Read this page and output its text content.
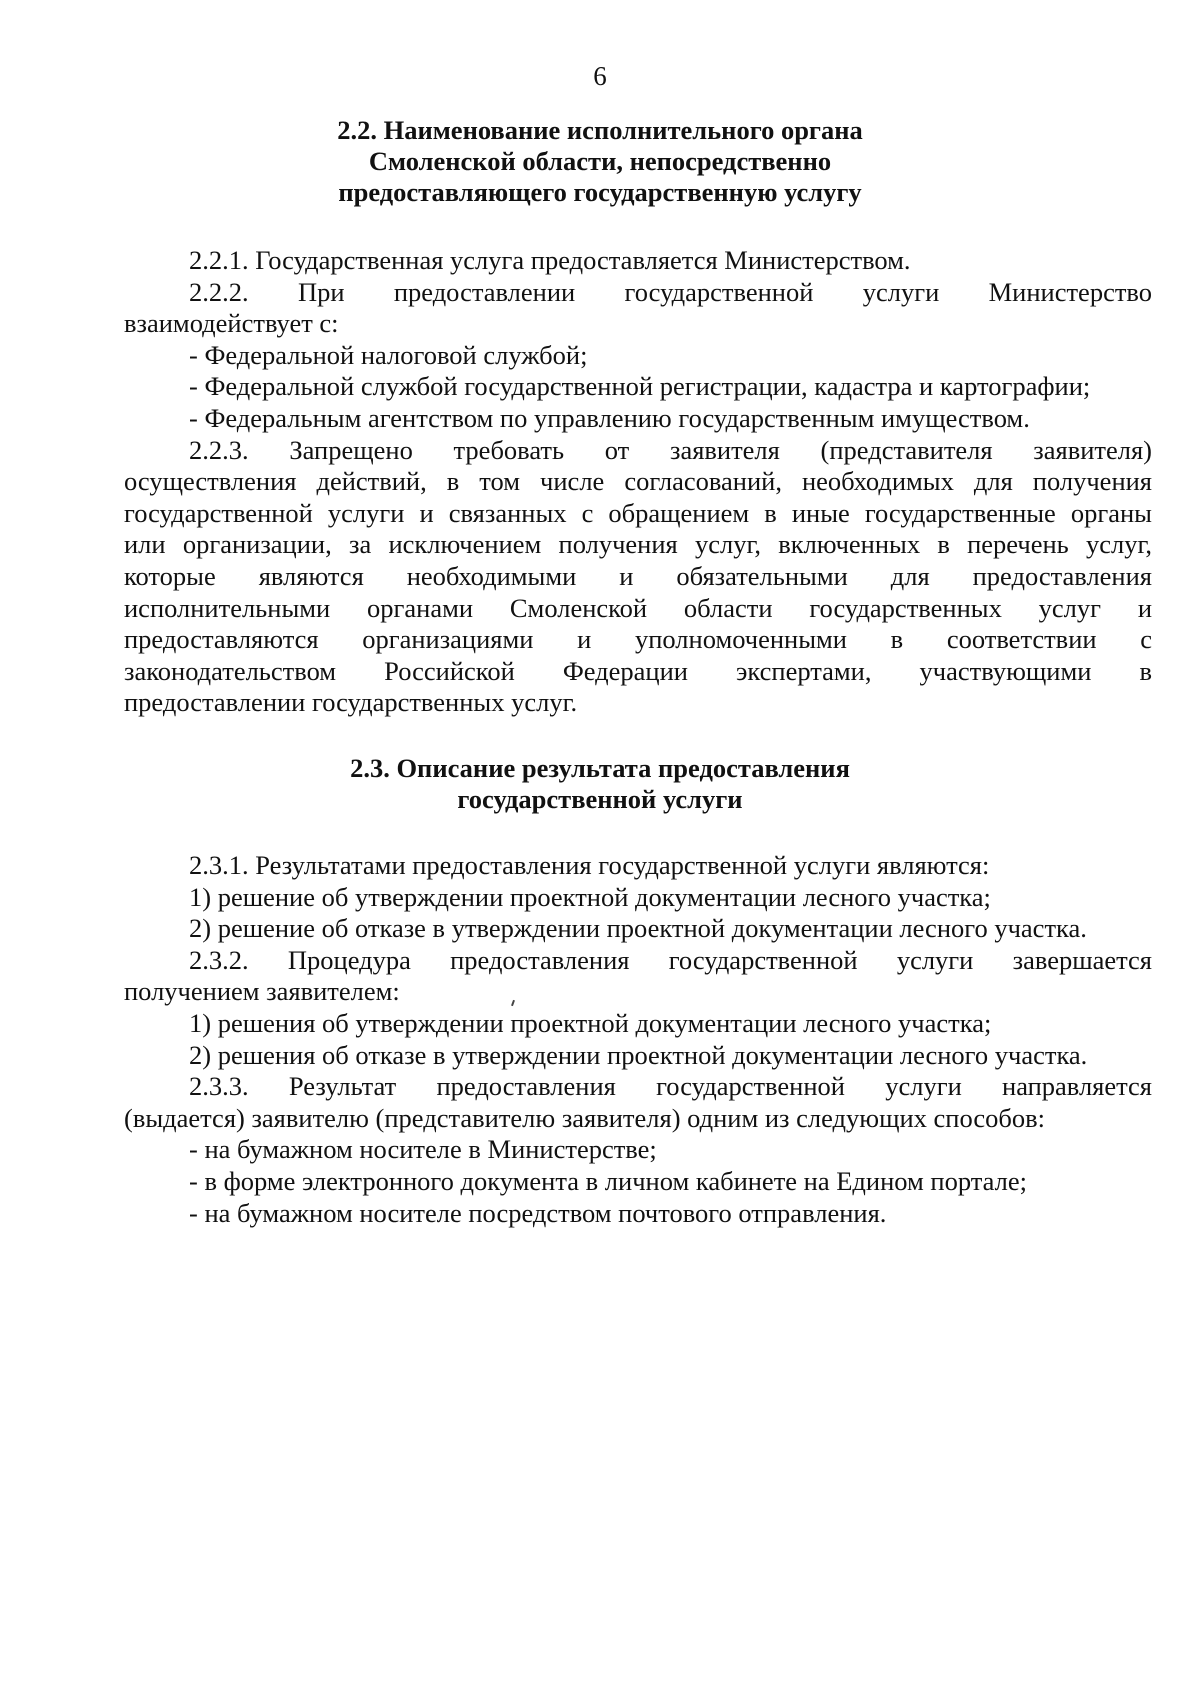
6
2.2. Наименование исполнительного органа
Смоленской области, непосредственно
предоставляющего государственную услугу
2.2.1. Государственная услуга предоставляется Министерством.
2.2.2. При предоставлении государственной услуги Министерство
взаимодействует с:
- Федеральной налоговой службой;
- Федеральной службой государственной регистрации, кадастра и картографии;
- Федеральным агентством по управлению государственным имуществом.
2.2.3. Запрещено требовать от заявителя (представителя заявителя)
осуществления действий, в том числе согласований, необходимых для получения
государственной услуги и связанных с обращением в иные государственные органы
или организации, за исключением получения услуг, включенных в перечень услуг,
которые являются необходимыми и обязательными для предоставления
исполнительными органами Смоленской области государственных услуг и
предоставляются организациями и уполномоченными в соответствии с
законодательством Российской Федерации экспертами, участвующими в
предоставлении государственных услуг.
2.3. Описание результата предоставления
государственной услуги
2.3.1. Результатами предоставления государственной услуги являются:
1) решение об утверждении проектной документации лесного участка;
2) решение об отказе в утверждении проектной документации лесного участка.
2.3.2. Процедура предоставления государственной услуги завершается
получением заявителем:
1) решения об утверждении проектной документации лесного участка;
2) решения об отказе в утверждении проектной документации лесного участка.
2.3.3. Результат предоставления государственной услуги направляется
(выдается) заявителю (представителю заявителя) одним из следующих способов:
- на бумажном носителе в Министерстве;
- в форме электронного документа в личном кабинете на Едином портале;
- на бумажном носителе посредством почтового отправления.
